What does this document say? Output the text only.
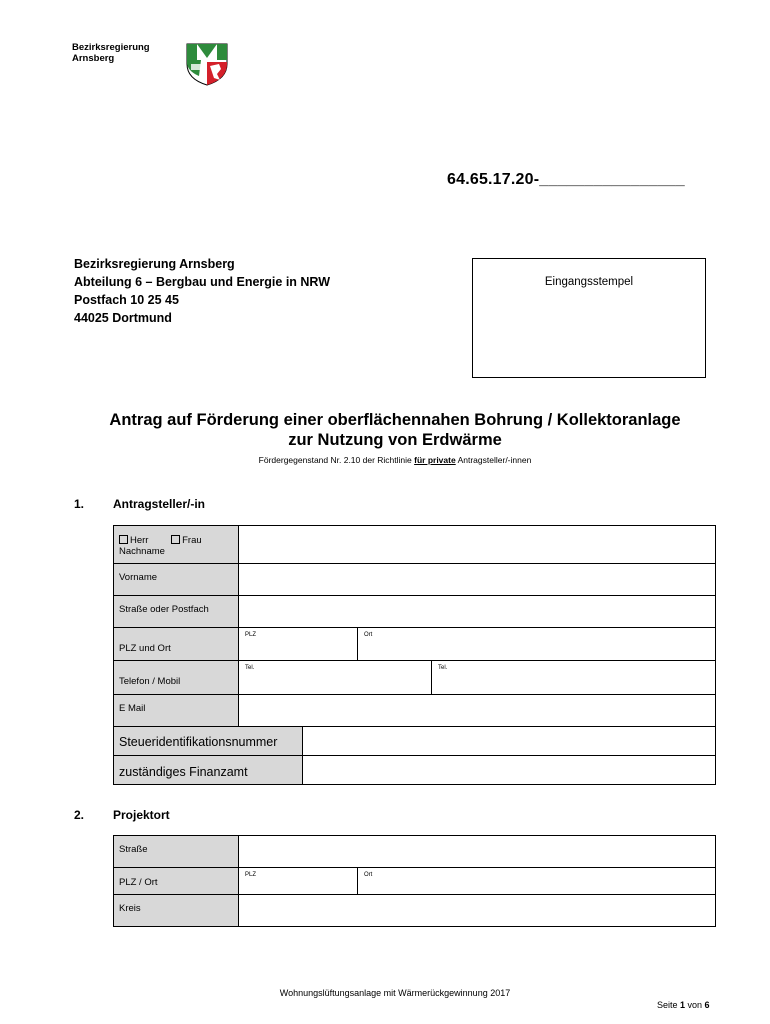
Bezirksregierung
Arnsberg
64.65.17.20-________________
Bezirksregierung Arnsberg
Abteilung 6 – Bergbau und Energie in NRW
Postfach 10 25 45
44025 Dortmund
Eingangsstempel
Antrag auf Förderung einer oberflächennahen Bohrung / Kollektoranlage
zur Nutzung von Erdwärme
Fördergegenstand Nr. 2.10 der Richtlinie für private Antragsteller/-innen
1. Antragsteller/-in
Herr	Frau
Nachname
Vorname
Straße oder Postfach
PLZ und Ort
PLZ	Ort
Telefon / Mobil
Tel.	Tel.
E Mail
Steueridentifikationsnummer
zuständiges Finanzamt
2. Projektort
Straße
PLZ / Ort
PLZ	Ort
Kreis
Wohnungslüftungsanlage mit Wärmerückgewinnung 2017
Seite 1 von 6
